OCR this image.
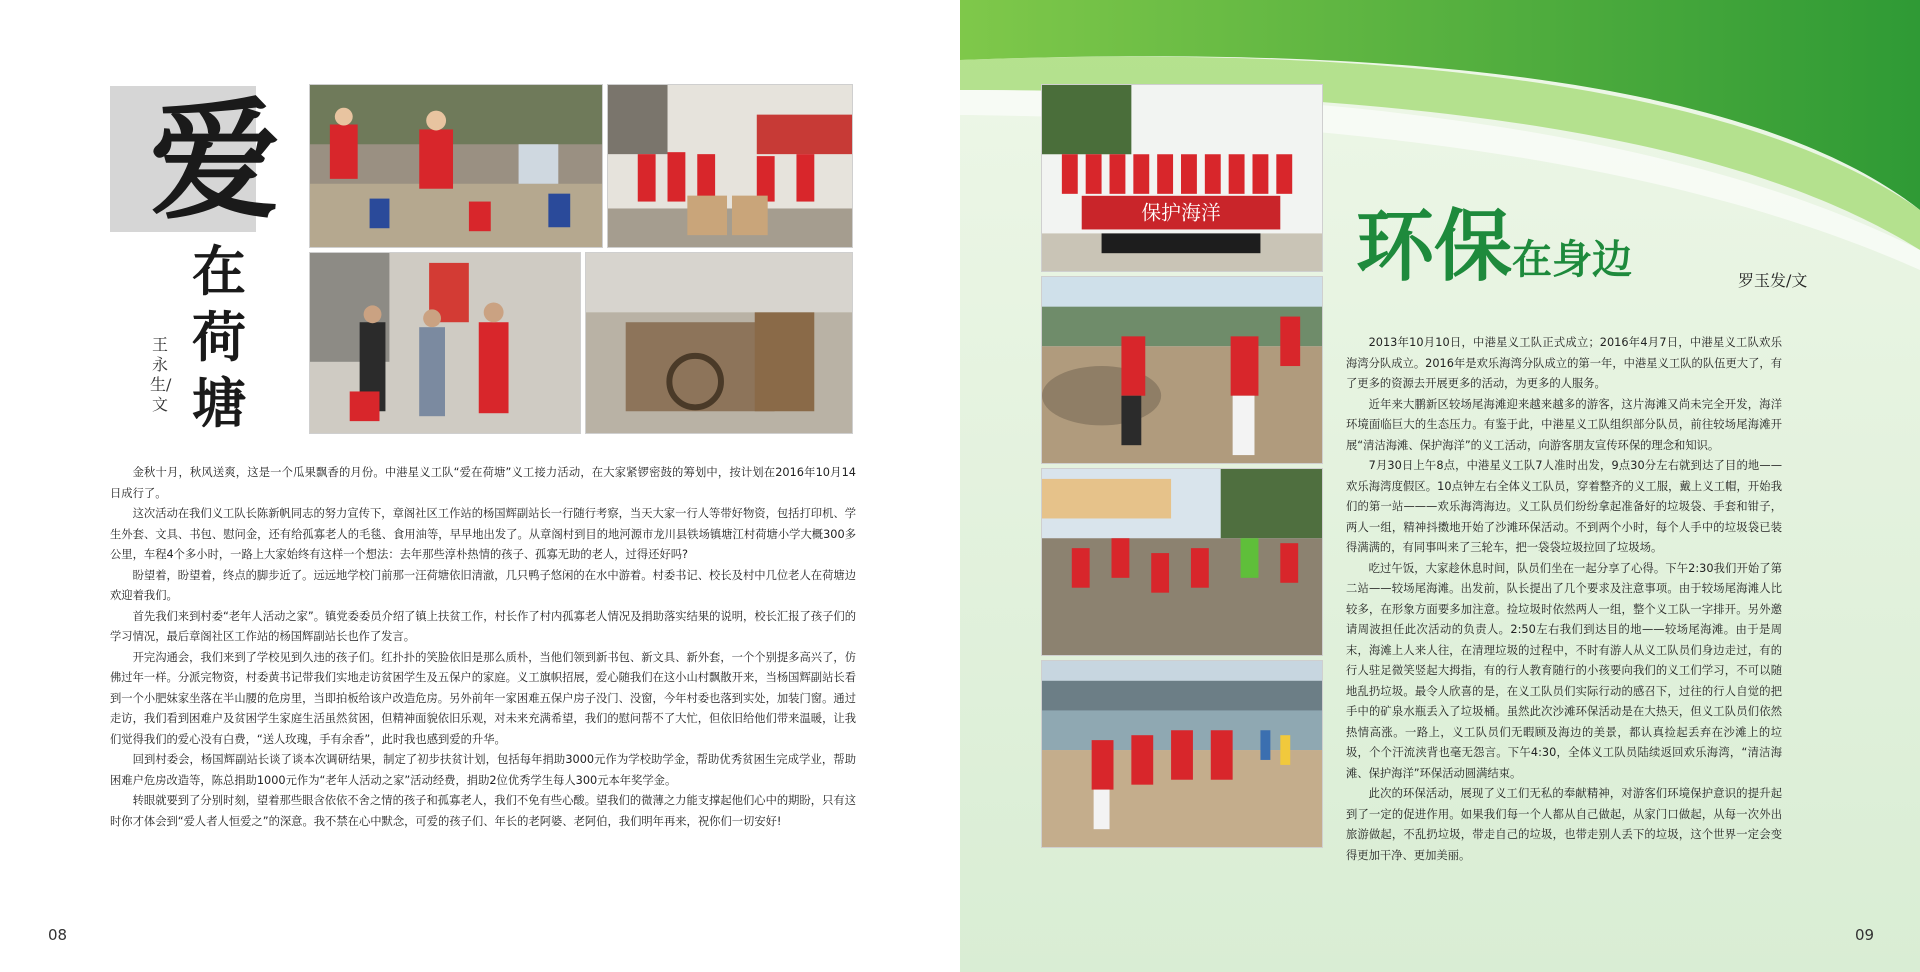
爱
在荷塘
王永生/文

金秋十月，秋风送爽，这是一个瓜果飘香的月份。中港星义工队“爱在荷塘”义工接力活动，在大家紧锣密鼓的筹划中，按计划在2016年10月14日成行了。

这次活动在我们义工队长陈新帆同志的努力宣传下，章阁社区工作站的杨国辉副站长一行随行考察，当天大家一行人等带好物资，包括打印机、学生外套、文具、书包、慰问金，还有给孤寡老人的毛毯、食用油等，早早地出发了。从章阁村到目的地河源市龙川县铁场镇塘江村荷塘小学大概300多公里，车程4个多小时，一路上大家始终有这样一个想法：去年那些淳朴热情的孩子、孤寡无助的老人，过得还好吗?

盼望着，盼望着，终点的脚步近了。远远地学校门前那一汪荷塘依旧清澈，几只鸭子悠闲的在水中游着。村委书记、校长及村中几位老人在荷塘边欢迎着我们。

首先我们来到村委“老年人活动之家”。镇党委委员介绍了镇上扶贫工作，村长作了村内孤寡老人情况及捐助落实结果的说明，校长汇报了孩子们的学习情况，最后章阁社区工作站的杨国辉副站长也作了发言。

开完沟通会，我们来到了学校见到久违的孩子们。红扑扑的笑脸依旧是那么质朴，当他们领到新书包、新文具、新外套，一个个别提多高兴了，仿佛过年一样。分派完物资，村委黄书记带我们实地走访贫困学生及五保户的家庭。义工旗帜招展，爱心随我们在这小山村飘散开来，当杨国辉副站长看到一个小肥妹家坐落在半山腰的危房里，当即拍板给该户改造危房。另外前年一家困难五保户房子没门、没窗，今年村委也落到实处，加装门窗。通过走访，我们看到困难户及贫困学生家庭生活虽然贫困，但精神面貌依旧乐观，对未来充满希望，我们的慰问帮不了大忙，但依旧给他们带来温暖，让我们觉得我们的爱心没有白费，“送人玫瑰，手有余香”，此时我也感到爱的升华。

回到村委会，杨国辉副站长谈了谈本次调研结果，制定了初步扶贫计划，包括每年捐助3000元作为学校助学金，帮助优秀贫困生完成学业，帮助困难户危房改造等，陈总捐助1000元作为“老年人活动之家”活动经费，捐助2位优秀学生每人300元本年奖学金。

转眼就要到了分别时刻，望着那些眼含依依不舍之情的孩子和孤寡老人，我们不免有些心酸。望我们的微薄之力能支撑起他们心中的期盼，只有这时你才体会到“爱人者人恒爱之”的深意。我不禁在心中默念，可爱的孩子们、年长的老阿婆、老阿伯，我们明年再来，祝你们一切安好!

08
保护海洋 环保在身边	罗玉发/文

2013年10月10日，中港星义工队正式成立；2016年4月7日，中港星义工队欢乐海湾分队成立。2016年是欢乐海湾分队成立的第一年，中港星义工队的队伍更大了，有了更多的资源去开展更多的活动，为更多的人服务。

近年来大鹏新区较场尾海滩迎来越来越多的游客，这片海滩又尚未完全开发，海洋环境面临巨大的生态压力。有鉴于此，中港星义工队组织部分队员，前往较场尾海滩开展“清洁海滩、保护海洋”的义工活动，向游客朋友宣传环保的理念和知识。

7月30日上午8点，中港星义工队7人准时出发，9点30分左右就到达了目的地——欢乐海湾度假区。10点钟左右全体义工队员，穿着整齐的义工服，戴上义工帽，开始我们的第一站———欢乐海湾海边。义工队员们纷纷拿起准备好的垃圾袋、手套和钳子，两人一组，精神抖擞地开始了沙滩环保活动。不到两个小时，每个人手中的垃圾袋已装得满满的，有同事叫来了三轮车，把一袋袋垃圾拉回了垃圾场。

吃过午饭，大家趁休息时间，队员们坐在一起分享了心得。下午2:30我们开始了第二站——较场尾海滩。出发前，队长提出了几个要求及注意事项。由于较场尾海滩人比较多，在形象方面要多加注意。捡垃圾时依然两人一组，整个义工队一字排开。另外邀请周波担任此次活动的负责人。2:50左右我们到达目的地——较场尾海滩。由于是周末，海滩上人来人往，在清理垃圾的过程中，不时有游人从义工队员们身边走过，有的行人驻足微笑竖起大拇指，有的行人教育随行的小孩要向我们的义工们学习，不可以随地乱扔垃圾。最令人欣喜的是，在义工队员们实际行动的感召下，过往的行人自觉的把手中的矿泉水瓶丢入了垃圾桶。虽然此次沙滩环保活动是在大热天，但义工队员们依然热情高涨。一路上，义工队员们无暇顾及海边的美景，都认真捡起丢弃在沙滩上的垃圾，个个汗流浃背也毫无怨言。下午4:30，全体义工队员陆续返回欢乐海湾，“清洁海滩、保护海洋”环保活动圆满结束。

此次的环保活动，展现了义工们无私的奉献精神，对游客们环境保护意识的提升起到了一定的促进作用。如果我们每一个人都从自己做起，从家门口做起，从每一次外出旅游做起，不乱扔垃圾，带走自己的垃圾，也带走别人丢下的垃圾，这个世界一定会变得更加干净、更加美丽。

09
